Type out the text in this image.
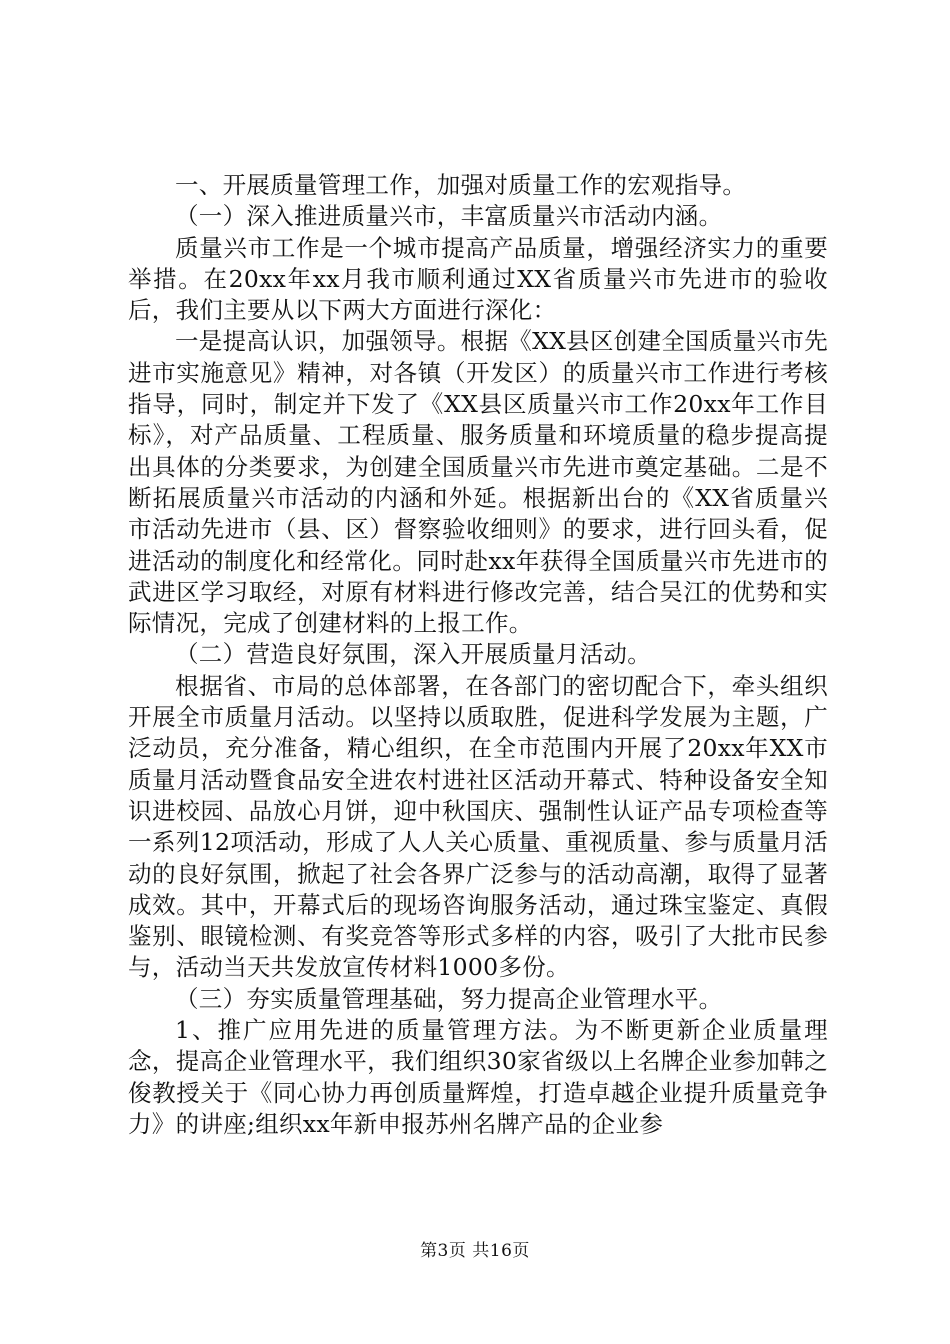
一、开展质量管理工作，加强对质量工作的宏观指导。

（一）深入推进质量兴市，丰富质量兴市活动内涵。

质量兴市工作是一个城市提高产品质量，增强经济实力的重要举措。在20xx年xx月我市顺利通过XX省质量兴市先进市的验收后，我们主要从以下两大方面进行深化：

一是提高认识，加强领导。根据《XX县区创建全国质量兴市先进市实施意见》精神，对各镇（开发区）的质量兴市工作进行考核指导，同时，制定并下发了《XX县区质量兴市工作20xx年工作目标》，对产品质量、工程质量、服务质量和环境质量的稳步提高提出具体的分类要求，为创建全国质量兴市先进市奠定基础。二是不断拓展质量兴市活动的内涵和外延。根据新出台的《XX省质量兴市活动先进市（县、区）督察验收细则》的要求，进行回头看，促进活动的制度化和经常化。同时赴xx年获得全国质量兴市先进市的武进区学习取经，对原有材料进行修改完善，结合吴江的优势和实际情况，完成了创建材料的上报工作。

（二）营造良好氛围，深入开展质量月活动。

根据省、市局的总体部署，在各部门的密切配合下，牵头组织开展全市质量月活动。以坚持以质取胜，促进科学发展为主题，广泛动员，充分准备，精心组织，在全市范围内开展了20xx年XX市质量月活动暨食品安全进农村进社区活动开幕式、特种设备安全知识进校园、品放心月饼，迎中秋国庆、强制性认证产品专项检查等一系列12项活动，形成了人人关心质量、重视质量、参与质量月活动的良好氛围，掀起了社会各界广泛参与的活动高潮，取得了显著成效。其中，开幕式后的现场咨询服务活动，通过珠宝鉴定、真假鉴别、眼镜检测、有奖竞答等形式多样的内容，吸引了大批市民参与，活动当天共发放宣传材料1000多份。

（三）夯实质量管理基础，努力提高企业管理水平。

1、推广应用先进的质量管理方法。为不断更新企业质量理念，提高企业管理水平，我们组织30家省级以上名牌企业参加韩之俊教授关于《同心协力再创质量辉煌，打造卓越企业提升质量竞争力》的讲座;组织xx年新申报苏州名牌产品的企业参

第3页 共16页
